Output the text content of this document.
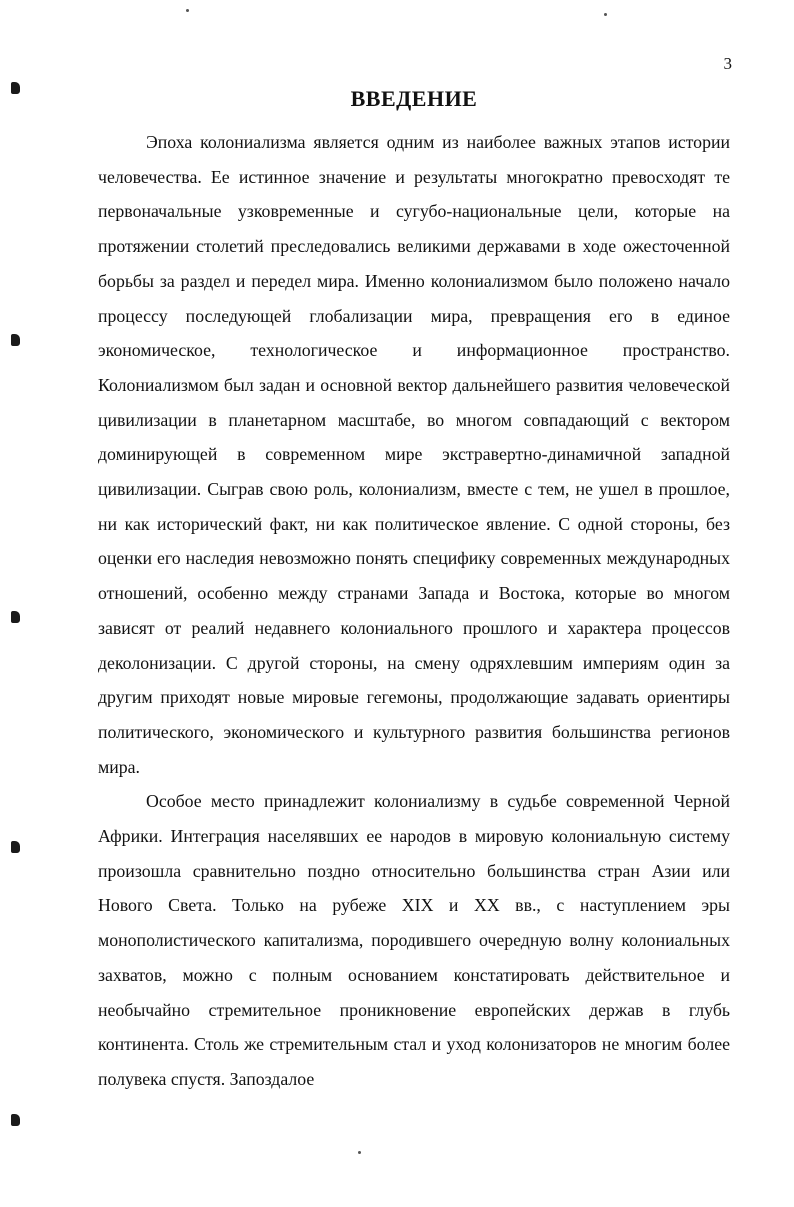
3
ВВЕДЕНИЕ

Эпоха колониализма является одним из наиболее важных этапов истории человечества. Ее истинное значение и результаты многократно превосходят те первоначальные узковременные и сугубо-национальные цели, которые на протяжении столетий преследовались великими державами в ходе ожесточенной борьбы за раздел и передел мира. Именно колониализмом было положено начало процессу последующей глобализации мира, превращения его в единое экономическое, технологическое и информационное пространство. Колониализмом был задан и основной вектор дальнейшего развития человеческой цивилизации в планетарном масштабе, во многом совпадающий с вектором доминирующей в современном мире экстравертно-динамичной западной цивилизации. Сыграв свою роль, колониализм, вместе с тем, не ушел в прошлое, ни как исторический факт, ни как политическое явление. С одной стороны, без оценки его наследия невозможно понять специфику современных международных отношений, особенно между странами Запада и Востока, которые во многом зависят от реалий недавнего колониального прошлого и характера процессов деколонизации. С другой стороны, на смену одряхлевшим империям один за другим приходят новые мировые гегемоны, продолжающие задавать ориентиры политического, экономического и культурного развития большинства регионов мира.

Особое место принадлежит колониализму в судьбе современной Черной Африки. Интеграция населявших ее народов в мировую колониальную систему произошла сравнительно поздно относительно большинства стран Азии или Нового Света. Только на рубеже XIX и XX вв., с наступлением эры монополистического капитализма, породившего очередную волну колониальных захватов, можно с полным основанием констатировать действительное и необычайно стремительное проникновение европейских держав в глубь континента. Столь же стремительным стал и уход колонизаторов не многим более полувека спустя. Запоздалое
